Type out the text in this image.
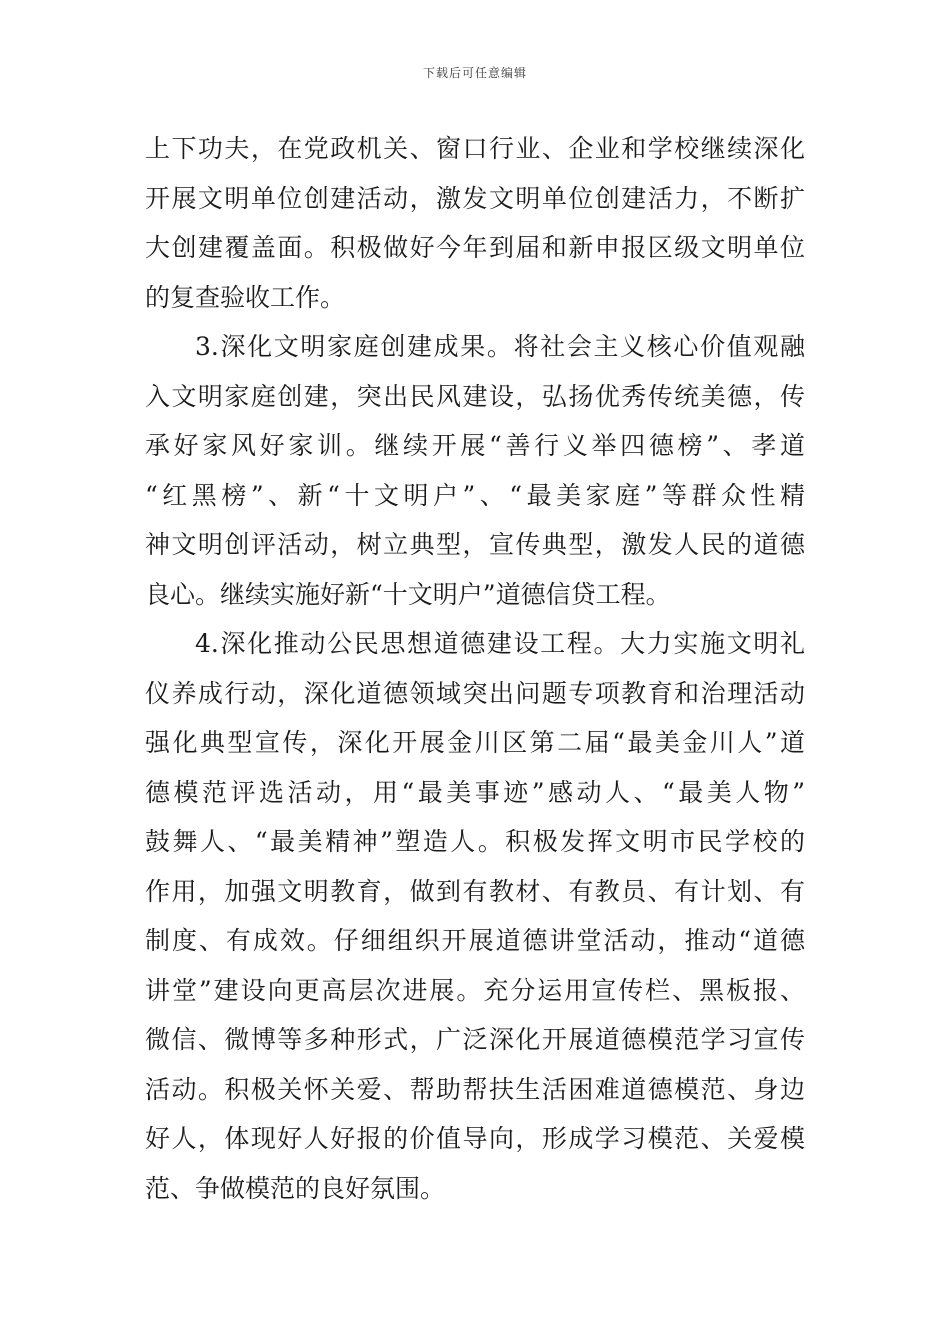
下载后可任意编辑
上下功夫，在党政机关、窗口行业、企业和学校继续深化
开展文明单位创建活动，激发文明单位创建活力，不断扩
大创建覆盖面。积极做好今年到届和新申报区级文明单位
的复查验收工作。
3.深化文明家庭创建成果。将社会主义核心价值观融
入文明家庭创建，突出民风建设，弘扬优秀传统美德，传
承好家风好家训。继续开展“善行义举四德榜”、孝道
“红黑榜”、新“十文明户”、“最美家庭”等群众性精
神文明创评活动，树立典型，宣传典型，激发人民的道德
良心。继续实施好新“十文明户”道德信贷工程。
4.深化推动公民思想道德建设工程。大力实施文明礼
仪养成行动，深化道德领域突出问题专项教育和治理活动
强化典型宣传，深化开展金川区第二届“最美金川人”道
德模范评选活动，用“最美事迹”感动人、“最美人物”
鼓舞人、“最美精神”塑造人。积极发挥文明市民学校的
作用，加强文明教育，做到有教材、有教员、有计划、有
制度、有成效。仔细组织开展道德讲堂活动，推动“道德
讲堂”建设向更高层次进展。充分运用宣传栏、黑板报、
微信、微博等多种形式，广泛深化开展道德模范学习宣传
活动。积极关怀关爱、帮助帮扶生活困难道德模范、身边
好人，体现好人好报的价值导向，形成学习模范、关爱模
范、争做模范的良好氛围。
